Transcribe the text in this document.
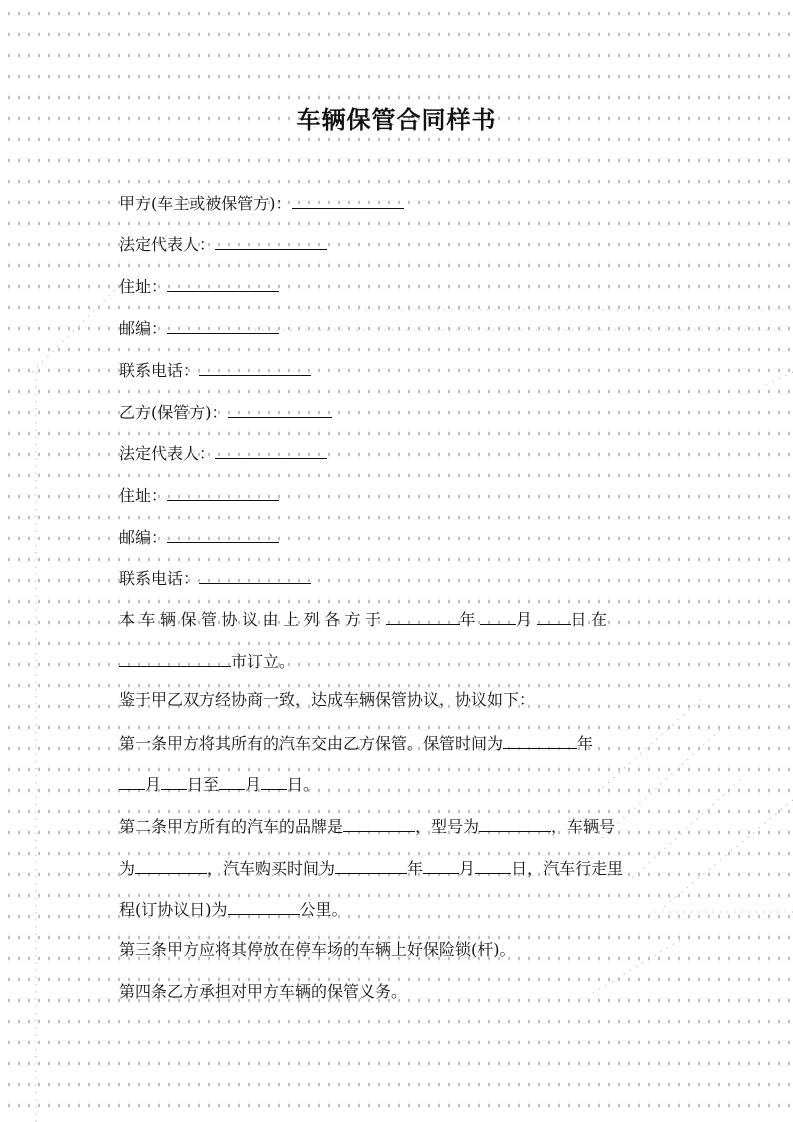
车辆保管合同样书
甲方(车主或被保管方)：
法定代表人：
住址：
邮编：
联系电话：
乙方(保管方)：
法定代表人：
住址：
邮编：
联系电话：
本车辆保管协议由上列各方于	年 月 日在
市订立。
鉴于甲乙双方经协商一致，达成车辆保管协议，协议如下：
第一条甲方将其所有的汽车交由乙方保管。保管时间为	年
月 日至 月 日。
第二条甲方所有的汽车的品牌是	，型号为	，车辆号
为	，汽车购买时间为	年 月 日，汽车行走里
程(订协议日)为	公里。
第三条甲方应将其停放在停车场的车辆上好保险锁(杆)。
第四条乙方承担对甲方车辆的保管义务。
